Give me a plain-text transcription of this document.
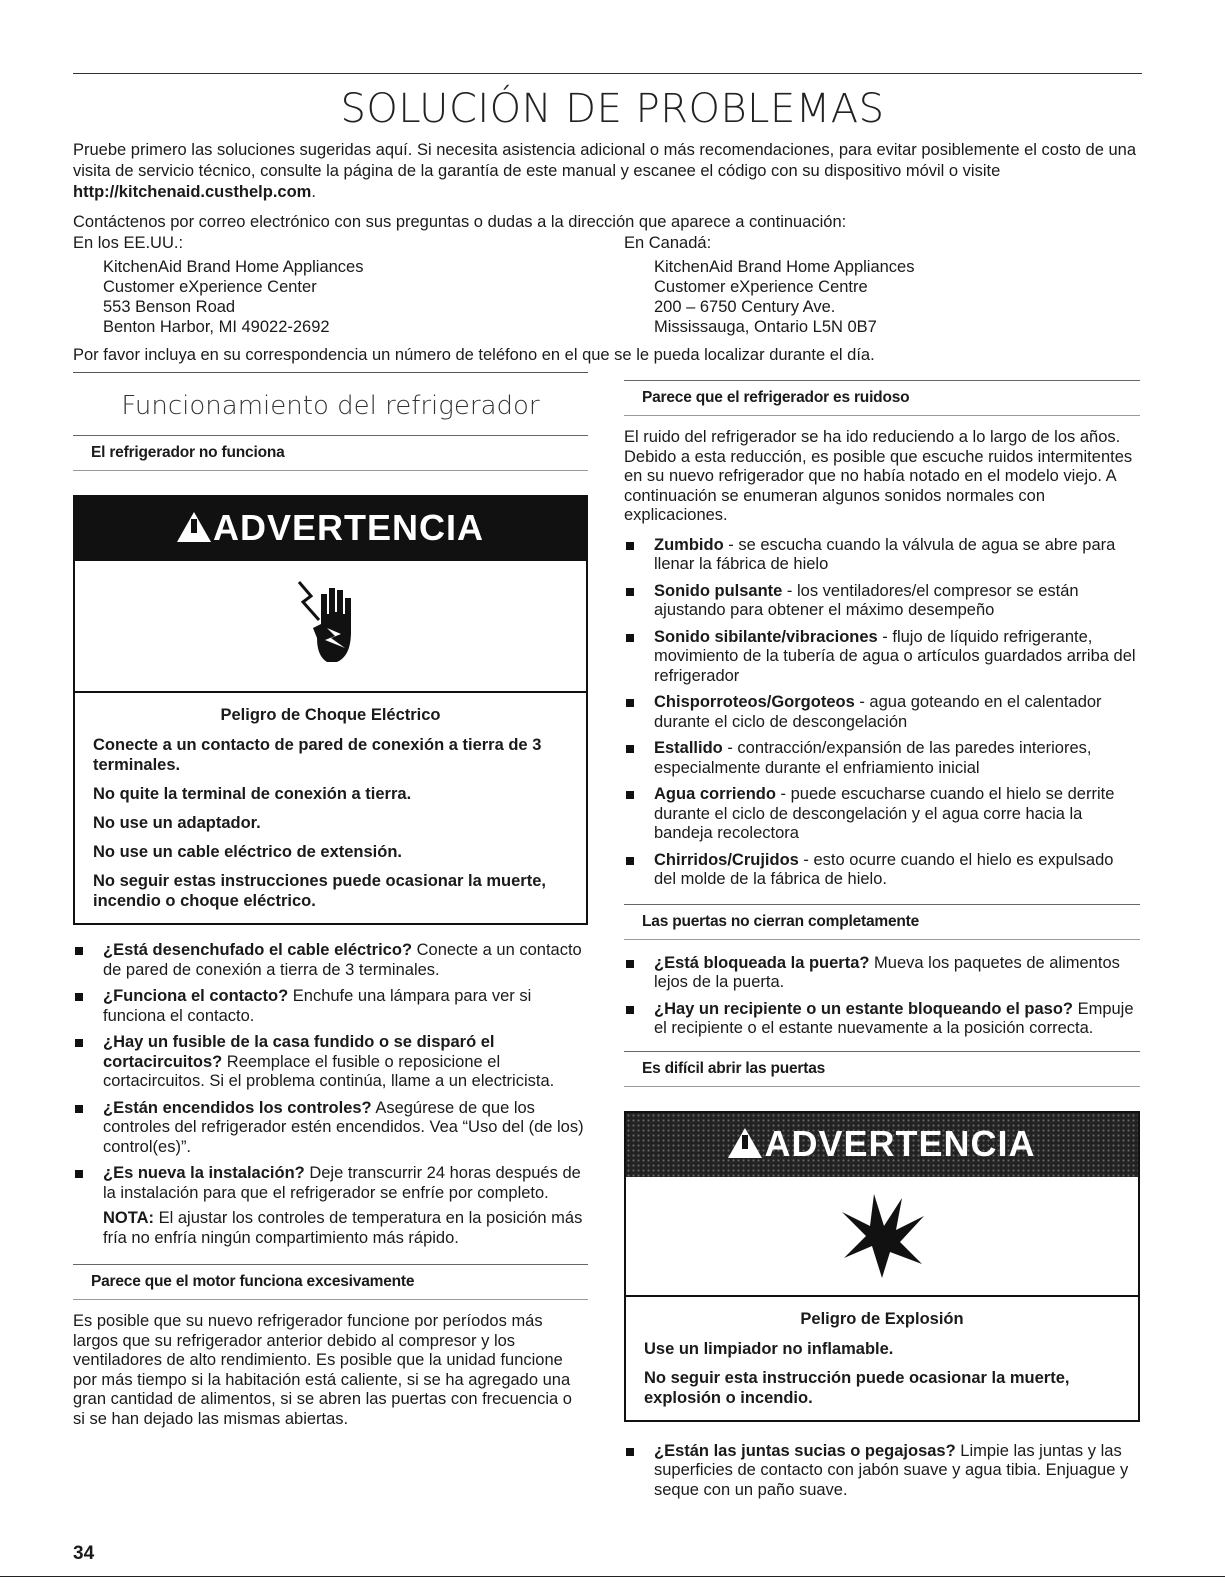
SOLUCIÓN DE PROBLEMAS

Pruebe primero las soluciones sugeridas aquí. Si necesita asistencia adicional o más recomendaciones, para evitar posiblemente el costo de una visita de servicio técnico, consulte la página de la garantía de este manual y escanee el código con su dispositivo móvil o visite http://kitchenaid.custhelp.com.

Contáctenos por correo electrónico con sus preguntas o dudas a la dirección que aparece a continuación:

En los EE.UU.:
KitchenAid Brand Home Appliances
Customer eXperience Center
553 Benson Road
Benton Harbor, MI 49022-2692
En Canadá:
KitchenAid Brand Home Appliances
Customer eXperience Centre
200 – 6750 Century Ave.
Mississauga, Ontario L5N 0B7
Por favor incluya en su correspondencia un número de teléfono en el que se le pueda localizar durante el día.
Funcionamiento del refrigerador
El refrigerador no funciona
ADVERTENCIA
Peligro de Choque Eléctrico

Conecte a un contacto de pared de conexión a tierra de 3 terminales.

No quite la terminal de conexión a tierra.

No use un adaptador.

No use un cable eléctrico de extensión.

No seguir estas instrucciones puede ocasionar la muerte, incendio o choque eléctrico.

¿Está desenchufado el cable eléctrico? Conecte a un contacto de pared de conexión a tierra de 3 terminales.
¿Funciona el contacto? Enchufe una lámpara para ver si funciona el contacto.
¿Hay un fusible de la casa fundido o se disparó el cortacircuitos? Reemplace el fusible o reposicione el cortacircuitos. Si el problema continúa, llame a un electricista.
¿Están encendidos los controles? Asegúrese de que los controles del refrigerador estén encendidos. Vea “Uso del (de los) control(es)”.
¿Es nueva la instalación? Deje transcurrir 24 horas después de la instalación para que el refrigerador se enfríe por completo.
NOTA: El ajustar los controles de temperatura en la posición más fría no enfría ningún compartimiento más rápido.
Parece que el motor funciona excesivamente
Es posible que su nuevo refrigerador funcione por períodos más largos que su refrigerador anterior debido al compresor y los ventiladores de alto rendimiento. Es posible que la unidad funcione por más tiempo si la habitación está caliente, si se ha agregado una gran cantidad de alimentos, si se abren las puertas con frecuencia o si se han dejado las mismas abiertas.
Parece que el refrigerador es ruidoso
El ruido del refrigerador se ha ido reduciendo a lo largo de los años. Debido a esta reducción, es posible que escuche ruidos intermitentes en su nuevo refrigerador que no había notado en el modelo viejo. A continuación se enumeran algunos sonidos normales con explicaciones.
Zumbido - se escucha cuando la válvula de agua se abre para llenar la fábrica de hielo
Sonido pulsante - los ventiladores/el compresor se están ajustando para obtener el máximo desempeño
Sonido sibilante/vibraciones - flujo de líquido refrigerante, movimiento de la tubería de agua o artículos guardados arriba del refrigerador
Chisporroteos/Gorgoteos - agua goteando en el calentador durante el ciclo de descongelación
Estallido - contracción/expansión de las paredes interiores, especialmente durante el enfriamiento inicial
Agua corriendo - puede escucharse cuando el hielo se derrite durante el ciclo de descongelación y el agua corre hacia la bandeja recolectora
Chirridos/Crujidos - esto ocurre cuando el hielo es expulsado del molde de la fábrica de hielo.
Las puertas no cierran completamente
¿Está bloqueada la puerta? Mueva los paquetes de alimentos lejos de la puerta.
¿Hay un recipiente o un estante bloqueando el paso? Empuje el recipiente o el estante nuevamente a la posición correcta.
Es difícil abrir las puertas
ADVERTENCIA
Peligro de Explosión

Use un limpiador no inflamable.

No seguir esta instrucción puede ocasionar la muerte, explosión o incendio.

¿Están las juntas sucias o pegajosas? Limpie las juntas y las superficies de contacto con jabón suave y agua tibia. Enjuague y seque con un paño suave.
34
